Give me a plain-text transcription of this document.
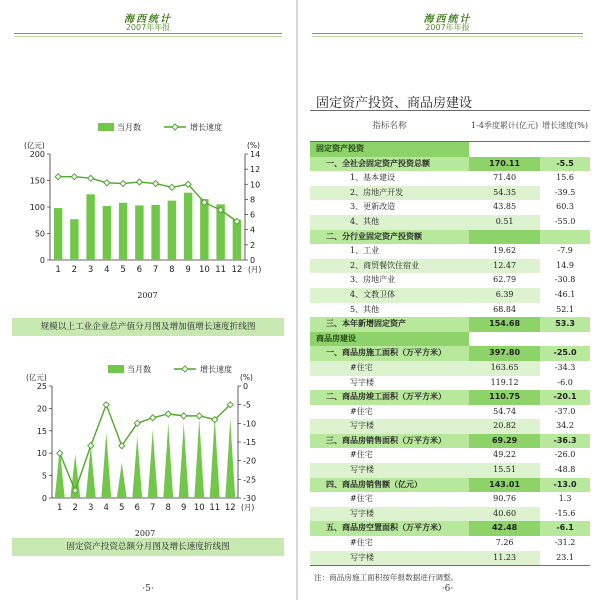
海西统计
2007年年报
当月数	增长速度
(亿元)	(%)
0
50
100
150
200
0
2
4
6
8
10
12
14
1 2 3 4 5 6 7 8 9 10 11 12 (月)
2007
规模以上工业企业总产值分月图及增加值增长速度折线图
当月数	增长速度
(亿元)	(%)
0
5
10
15
20
25
-30
-25
-20
-15
-10
-5
0
1 2 3 4 5 6 7 8 9 10 11 12 (月)
2007
固定资产投资总额分月图及增长速度折线图
·5·
海西统计
2007年年报
固定资产投资、商品房建设
指标名称	1-4季度累计(亿元)	增长速度(%)
固定资产投资		
一、全社会固定资产投资总额	170.11	-5.5
1、基本建设	71.40	15.6
2、房地产开发	54.35	-39.5
3、更新改造	43.85	60.3
4、其他	0.51	-55.0
二、分行业固定资产投资额		
1、工业	19.62	-7.9
2、商贸餐饮住宿业	12.47	14.9
3、房地产业	62.79	-30.8
4、文教卫体	6.39	-46.1
5、其他	68.84	52.1
三、本年新增固定资产	154.68	53.3
商品房建设		
一、商品房施工面积（万平方米）	397.80	-25.0
#住宅	163.65	-34.3
写字楼	119.12	-6.0
二、商品房竣工面积（万平方米）	110.75	-20.1
#住宅	54.74	-37.0
写字楼	20.82	34.2
三、商品房销售面积（万平方米）	69.29	-36.3
#住宅	49.22	-26.0
写字楼	15.51	-48.8
四、商品房销售额（亿元）	143.01	-13.0
#住宅	90.76	1.3
写字楼	40.60	-15.6
五、商品房空置面积（万平方米）	42.48	-6.1
#住宅	7.26	-31.2
写字楼	11.23	23.1
注：商品房施工面积按年报数据进行调整。
·6·
